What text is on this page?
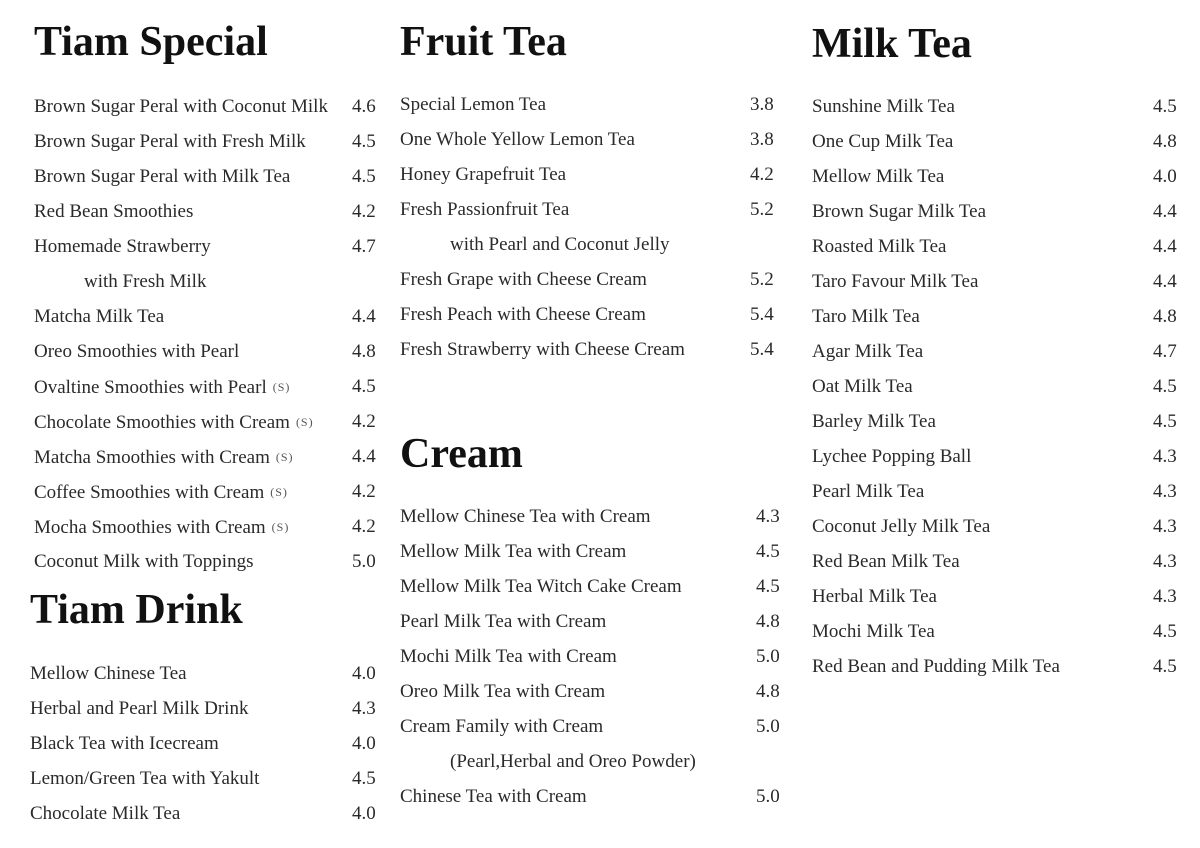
Tiam Special
Brown Sugar Peral with Coconut Milk 4.6
Brown Sugar Peral with Fresh Milk 4.5
Brown Sugar Peral with Milk Tea	4.5
Red Bean Smoothies	4.2
Homemade Strawberry	4.7
with Fresh Milk
Matcha Milk Tea	4.4
Oreo Smoothies with Pearl	4.8
Ovaltine Smoothies with Pearl (S)	4.5
Chocolate Smoothies with Cream (S) 4.2
Matcha Smoothies with Cream (S)	4.4
Coffee Smoothies with Cream (S)	4.2
Mocha Smoothies with Cream (S)	4.2
Coconut Milk with Toppings	5.0
Tiam Drink
Mellow Chinese Tea	4.0
Herbal and Pearl Milk Drink	4.3
Black Tea with Icecream	4.0
Lemon/Green Tea with Yakult	4.5
Chocolate Milk Tea	4.0
Fruit Tea
Special Lemon Tea	3.8
One Whole Yellow Lemon Tea	3.8
Honey Grapefruit Tea	4.2
Fresh Passionfruit Tea	5.2
with Pearl and Coconut Jelly
Fresh Grape with Cheese Cream	5.2
Fresh Peach with Cheese Cream	5.4
Fresh Strawberry with Cheese Cream	5.4
Cream
Mellow Chinese Tea with Cream	4.3
Mellow Milk Tea with Cream	4.5
Mellow Milk Tea Witch Cake Cream	4.5
Pearl Milk Tea with Cream	4.8
Mochi Milk Tea with Cream	5.0
Oreo Milk Tea with Cream	4.8
Cream Family with Cream	5.0
(Pearl,Herbal and Oreo Powder)
Chinese Tea with Cream	5.0
Milk Tea
Sunshine Milk Tea	4.5
One Cup Milk Tea	4.8
Mellow Milk Tea	4.0
Brown Sugar Milk Tea	4.4
Roasted Milk Tea	4.4
Taro Favour Milk Tea	4.4
Taro Milk Tea	4.8
Agar Milk Tea	4.7
Oat Milk Tea	4.5
Barley Milk Tea	4.5
Lychee Popping Ball	4.3
Pearl Milk Tea	4.3
Coconut Jelly Milk Tea	4.3
Red Bean Milk Tea	4.3
Herbal Milk Tea	4.3
Mochi Milk Tea	4.5
Red Bean and Pudding Milk Tea	4.5
